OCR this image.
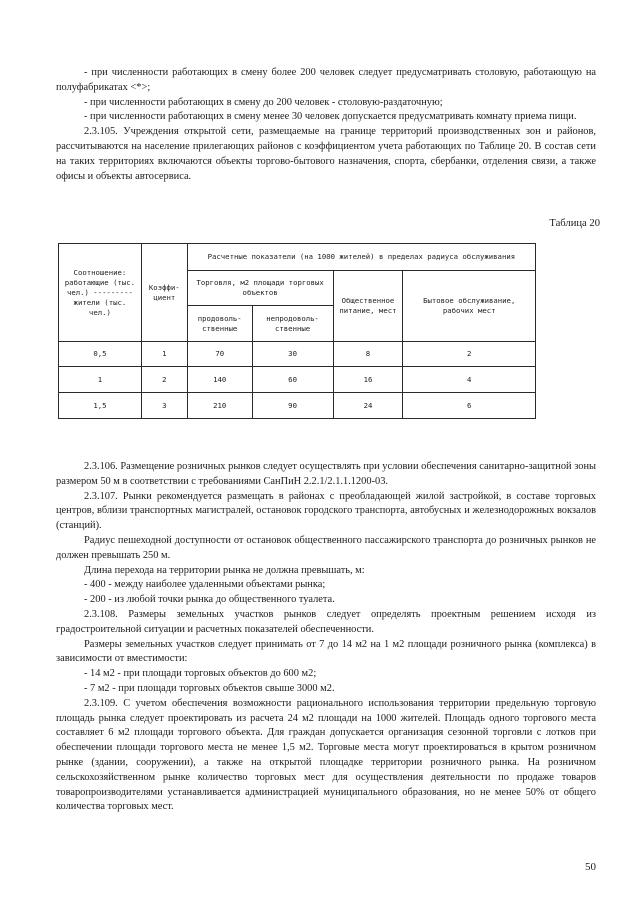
- при численности работающих в смену более 200 человек следует предусматривать столовую, работающую на полуфабрикатах <*>;

- при численности работающих в смену до 200 человек - столовую-раздаточную;

- при численности работающих в смену менее 30 человек допускается предусматривать комнату приема пищи.

2.3.105. Учреждения открытой сети, размещаемые на границе территорий производственных зон и районов, рассчитываются на население прилегающих районов с коэффициентом учета работающих по Таблице 20. В состав сети на таких территориях включаются объекты торгово-бытового назначения, спорта, сбербанки, отделения связи, а также офисы и объекты автосервиса.

Таблица 20
Соотношение: работающие (тыс. чел.) --------- жители (тыс. чел.)	Коэффи- циент	Расчетные показатели (на 1000 жителей) в пределах радиуса обслуживания			
		Торговля, м2 площади торговых объектов		Общественное питание, мест	Бытовое обслуживание, рабочих мест
		продоволь- ственные	непродоволь- ственные		
0,5	1	70	30	8	2
1	2	140	60	16	4
1,5	3	210	90	24	6

2.3.106. Размещение розничных рынков следует осуществлять при условии обеспечения санитарно-защитной зоны размером 50 м в соответствии с требованиями СанПиН 2.2.1/2.1.1.1200-03.

2.3.107. Рынки рекомендуется размещать в районах с преобладающей жилой застройкой, в составе торговых центров, вблизи транспортных магистралей, остановок городского транспорта, автобусных и железнодорожных вокзалов (станций).

Радиус пешеходной доступности от остановок общественного пассажирского транспорта до розничных рынков не должен превышать 250 м.

Длина перехода на территории рынка не должна превышать, м:

- 400 - между наиболее удаленными объектами рынка;

- 200 - из любой точки рынка до общественного туалета.

2.3.108. Размеры земельных участков рынков следует определять проектным решением исходя из градостроительной ситуации и расчетных показателей обеспеченности.

Размеры земельных участков следует принимать от 7 до 14 м2 на 1 м2 площади розничного рынка (комплекса) в зависимости от вместимости:

- 14 м2 - при площади торговых объектов до 600 м2;

- 7 м2 - при площади торговых объектов свыше 3000 м2.

2.3.109. С учетом обеспечения возможности рационального использования территории предельную торговую площадь рынка следует проектировать из расчета 24 м2 площади на 1000 жителей. Площадь одного торгового места составляет 6 м2 площади торгового объекта. Для граждан допускается организация сезонной торговли с лотков при обеспечении площади торгового места не менее 1,5 м2. Торговые места могут проектироваться в крытом розничном рынке (здании, сооружении), а также на открытой площадке территории розничного рынка. На розничном сельскохозяйственном рынке количество торговых мест для осуществления деятельности по продаже товаров товаропроизводителями устанавливается администрацией муниципального образования, но не менее 50% от общего количества торговых мест.

50
